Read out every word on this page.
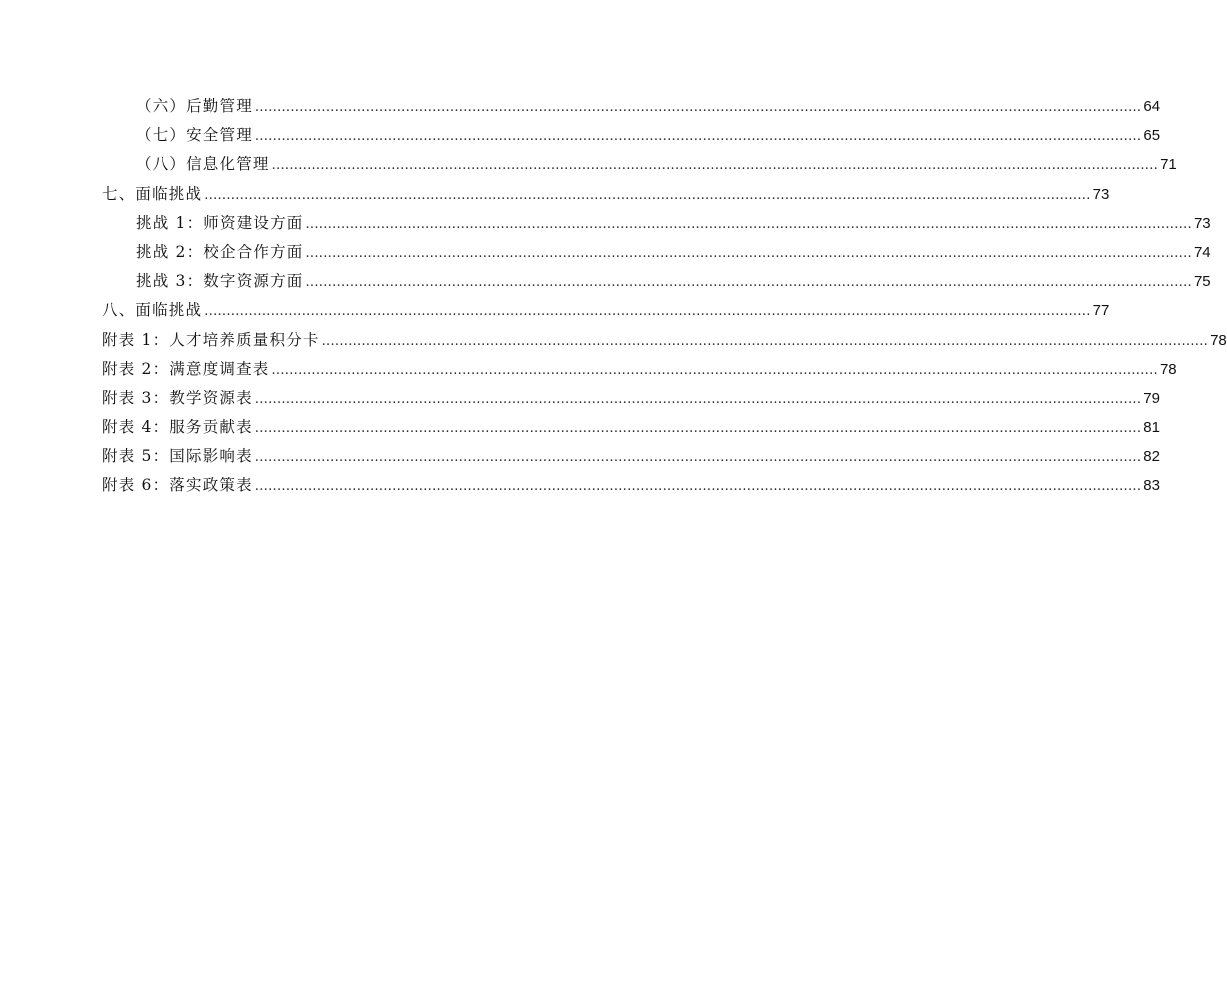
（六）后勤管理 ........................................................................................................................................................................................................ 64
（七）安全管理 ........................................................................................................................................................................................................ 65
（八）信息化管理 ........................................................................................................................................................................................................ 71
七、面临挑战 ........................................................................................................................................................................................................ 73
挑战 1：师资建设方面 ........................................................................................................................................................................................................ 73
挑战 2：校企合作方面 ........................................................................................................................................................................................................ 74
挑战 3：数字资源方面 ........................................................................................................................................................................................................ 75
八、面临挑战 ........................................................................................................................................................................................................ 77
附表 1：人才培养质量积分卡 ........................................................................................................................................................................................................ 78
附表 2：满意度调查表 ........................................................................................................................................................................................................ 78
附表 3：教学资源表 ........................................................................................................................................................................................................ 79
附表 4：服务贡献表 ........................................................................................................................................................................................................ 81
附表 5：国际影响表 ........................................................................................................................................................................................................ 82
附表 6：落实政策表 ........................................................................................................................................................................................................ 83
